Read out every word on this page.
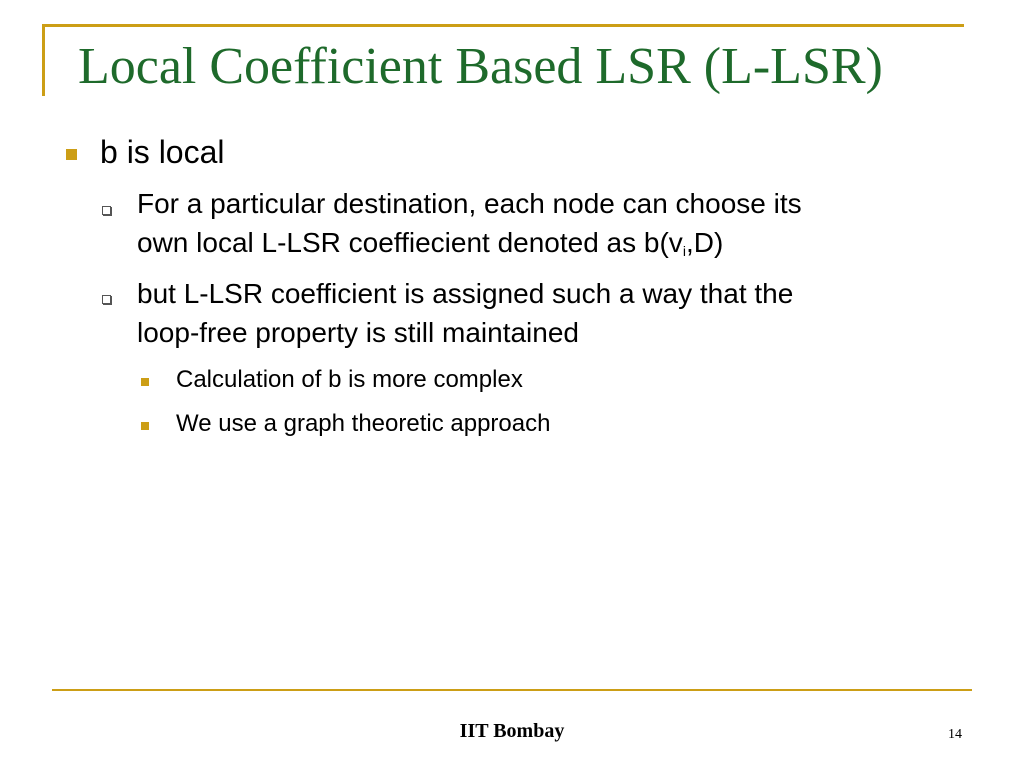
Local Coefficient Based LSR (L-LSR)
b is local
For a particular destination, each node can choose its
own local L-LSR coeffiecient denoted as $b(v_i,D)$
but L-LSR coefficient is assigned such a way that the
loop-free property is still maintained
Calculation of b is more complex
We use a graph theoretic approach
IIT Bombay	14
